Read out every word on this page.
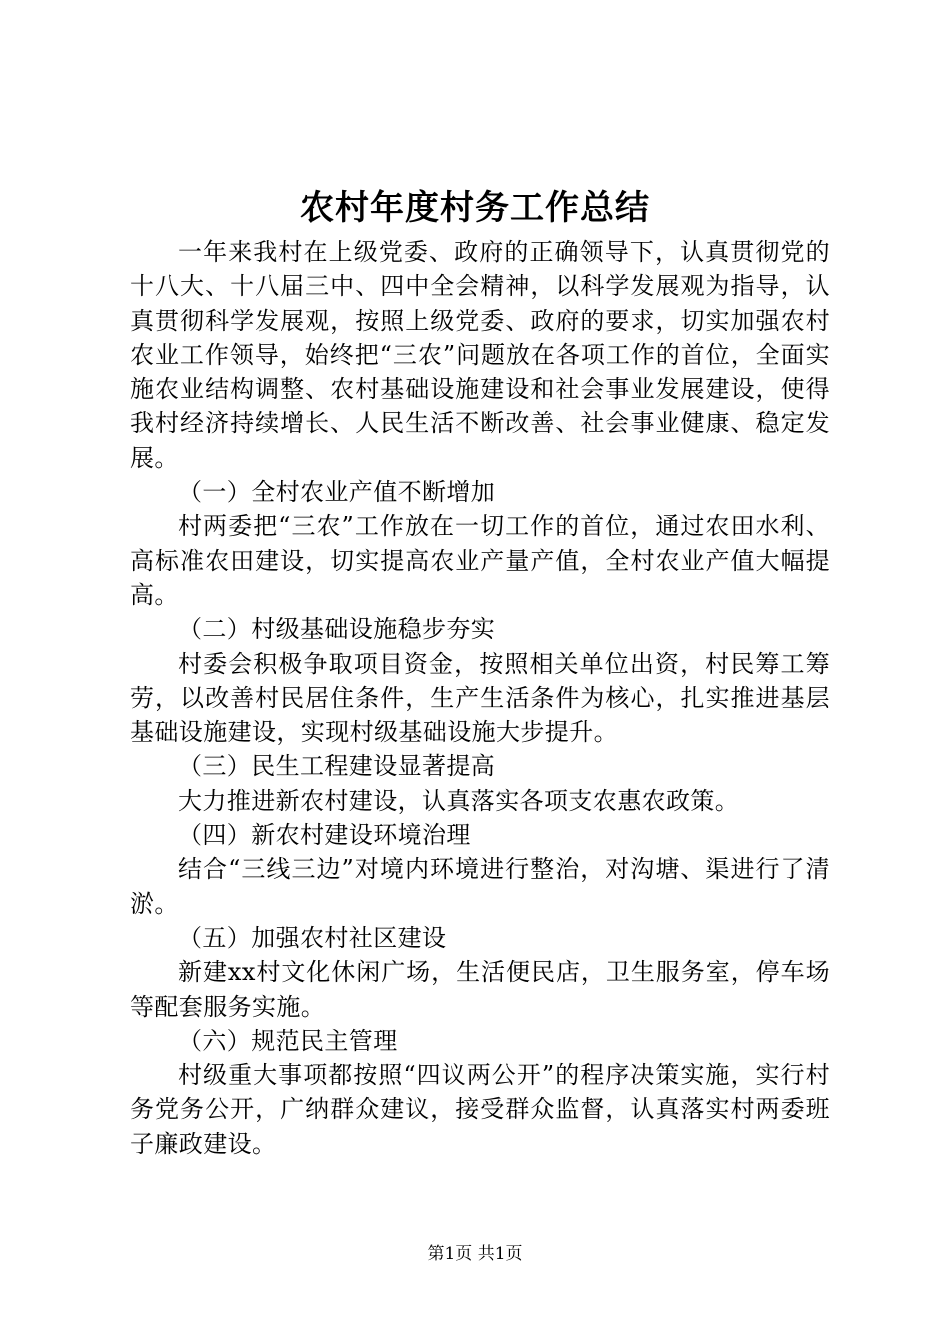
农村年度村务工作总结

一年来我村在上级党委、政府的正确领导下，认真贯彻党的十八大、十八届三中、四中全会精神，以科学发展观为指导，认真贯彻科学发展观，按照上级党委、政府的要求，切实加强农村农业工作领导，始终把“三农”问题放在各项工作的首位，全面实施农业结构调整、农村基础设施建设和社会事业发展建设，使得我村经济持续增长、人民生活不断改善、社会事业健康、稳定发展。

（一）全村农业产值不断增加

村两委把“三农”工作放在一切工作的首位，通过农田水利、高标准农田建设，切实提高农业产量产值，全村农业产值大幅提高。

（二）村级基础设施稳步夯实

村委会积极争取项目资金，按照相关单位出资，村民筹工筹劳，以改善村民居住条件，生产生活条件为核心，扎实推进基层基础设施建设，实现村级基础设施大步提升。

（三）民生工程建设显著提高

大力推进新农村建设，认真落实各项支农惠农政策。

（四）新农村建设环境治理

结合“三线三边”对境内环境进行整治，对沟塘、渠进行了清淤。

（五）加强农村社区建设

新建xx村文化休闲广场，生活便民店，卫生服务室，停车场等配套服务实施。

（六）规范民主管理

村级重大事项都按照“四议两公开”的程序决策实施，实行村务党务公开，广纳群众建议，接受群众监督，认真落实村两委班子廉政建设。

第1页 共1页
